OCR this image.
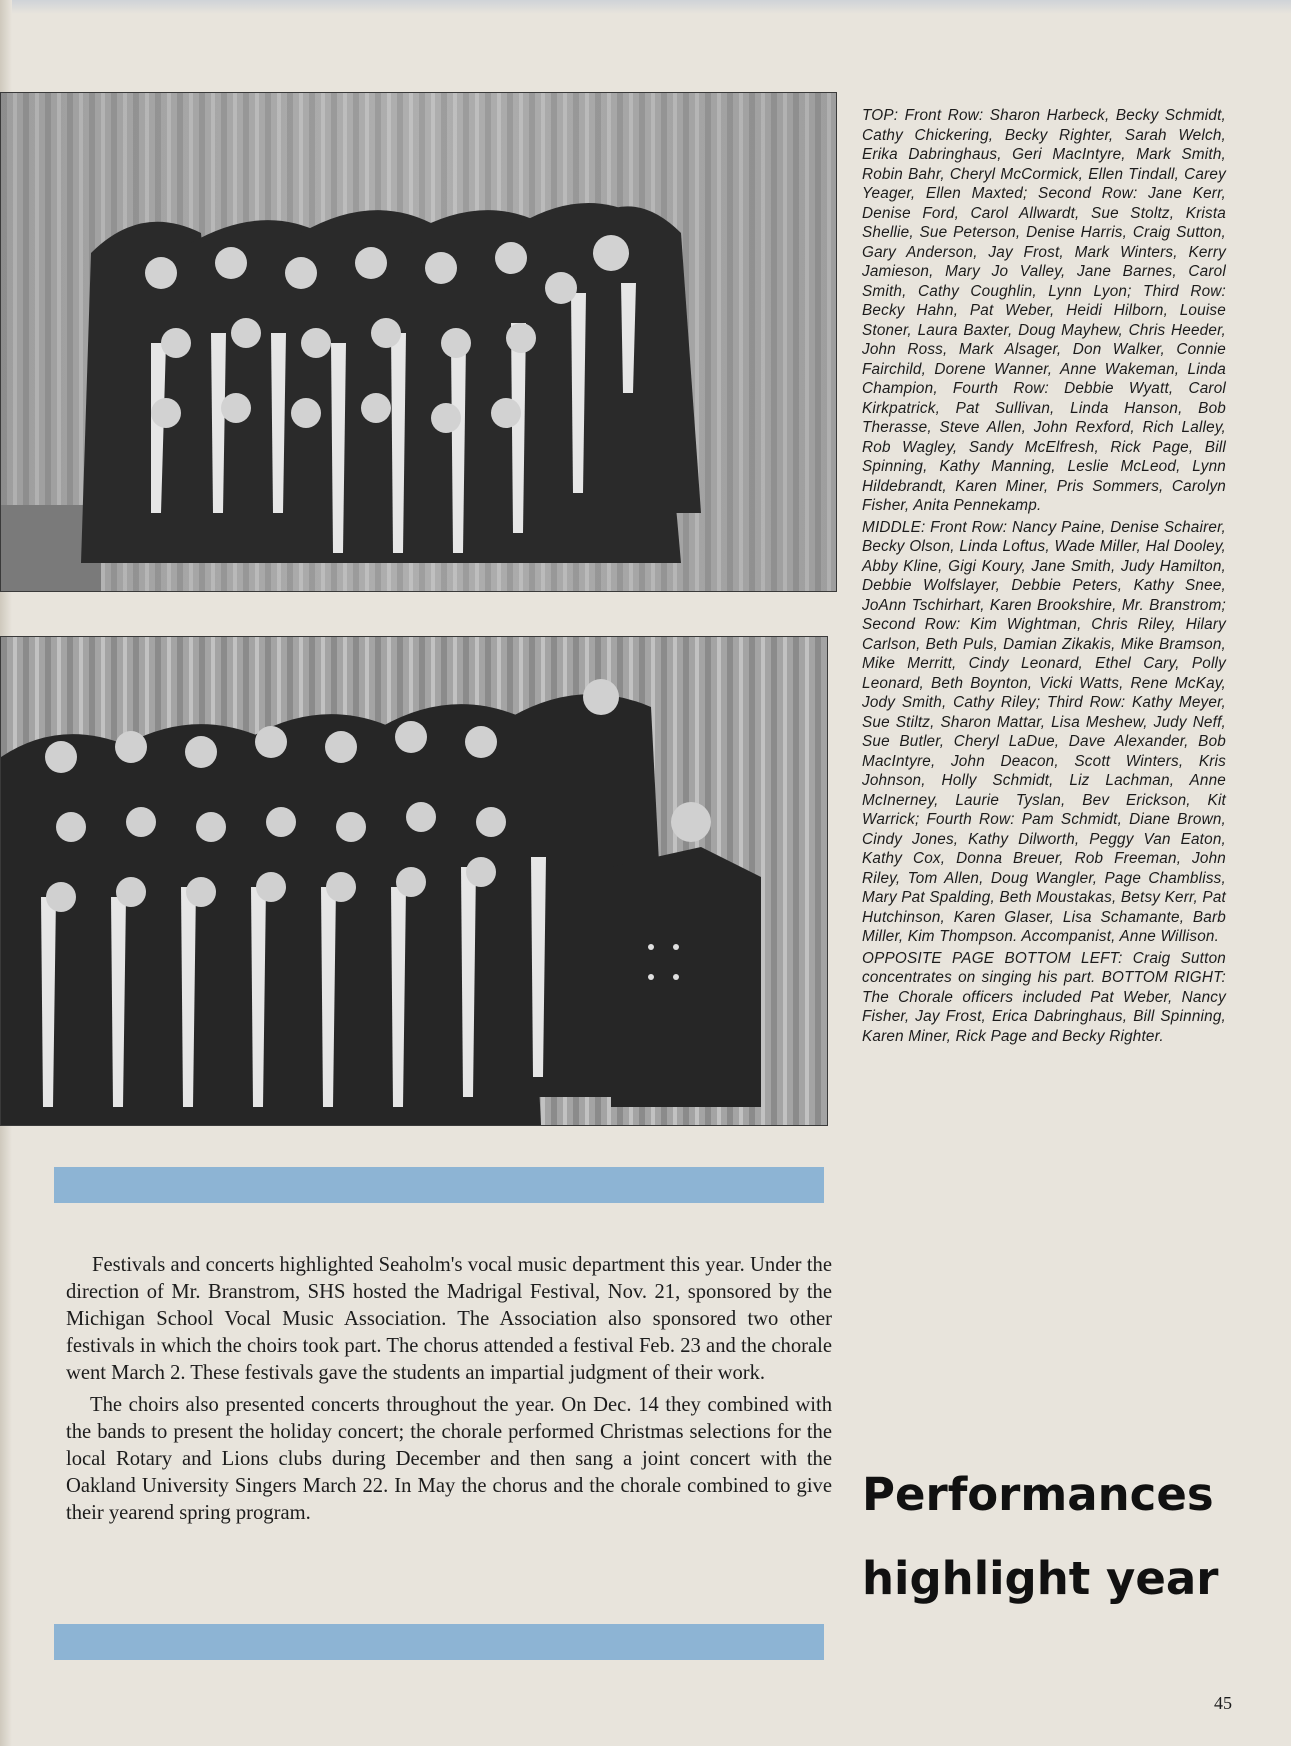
Festivals and concerts highlighted Seaholm's vocal music department this year. Under the direction of Mr. Branstrom, SHS hosted the Madrigal Festival, Nov. 21, sponsored by the Michigan School Vocal Music Association. The Association also sponsored two other festivals in which the choirs took part. The chorus attended a festival Feb. 23 and the chorale went March 2. These festivals gave the students an impartial judgment of their work.

The choirs also presented concerts throughout the year. On Dec. 14 they combined with the bands to present the holiday concert; the chorale performed Christmas selections for the local Rotary and Lions clubs during December and then sang a joint concert with the Oakland University Singers March 22. In May the chorus and the chorale combined to give their yearend spring program.

TOP: Front Row: Sharon Harbeck, Becky Schmidt, Cathy Chickering, Becky Righter, Sarah Welch, Erika Dabringhaus, Geri MacIntyre, Mark Smith, Robin Bahr, Cheryl McCormick, Ellen Tindall, Carey Yeager, Ellen Maxted; Second Row: Jane Kerr, Denise Ford, Carol Allwardt, Sue Stoltz, Krista Shellie, Sue Peterson, Denise Harris, Craig Sutton, Gary Anderson, Jay Frost, Mark Winters, Kerry Jamieson, Mary Jo Valley, Jane Barnes, Carol Smith, Cathy Coughlin, Lynn Lyon; Third Row: Becky Hahn, Pat Weber, Heidi Hilborn, Louise Stoner, Laura Baxter, Doug Mayhew, Chris Heeder, John Ross, Mark Alsager, Don Walker, Connie Fairchild, Dorene Wanner, Anne Wakeman, Linda Champion, Fourth Row: Debbie Wyatt, Carol Kirkpatrick, Pat Sullivan, Linda Hanson, Bob Therasse, Steve Allen, John Rexford, Rich Lalley, Rob Wagley, Sandy McElfresh, Rick Page, Bill Spinning, Kathy Manning, Leslie McLeod, Lynn Hildebrandt, Karen Miner, Pris Sommers, Carolyn Fisher, Anita Pennekamp.

MIDDLE: Front Row: Nancy Paine, Denise Schairer, Becky Olson, Linda Loftus, Wade Miller, Hal Dooley, Abby Kline, Gigi Koury, Jane Smith, Judy Hamilton, Debbie Wolfslayer, Debbie Peters, Kathy Snee, JoAnn Tschirhart, Karen Brookshire, Mr. Branstrom; Second Row: Kim Wightman, Chris Riley, Hilary Carlson, Beth Puls, Damian Zikakis, Mike Bramson, Mike Merritt, Cindy Leonard, Ethel Cary, Polly Leonard, Beth Boynton, Vicki Watts, Rene McKay, Jody Smith, Cathy Riley; Third Row: Kathy Meyer, Sue Stiltz, Sharon Mattar, Lisa Meshew, Judy Neff, Sue Butler, Cheryl LaDue, Dave Alexander, Bob MacIntyre, John Deacon, Scott Winters, Kris Johnson, Holly Schmidt, Liz Lachman, Anne McInerney, Laurie Tyslan, Bev Erickson, Kit Warrick; Fourth Row: Pam Schmidt, Diane Brown, Cindy Jones, Kathy Dilworth, Peggy Van Eaton, Kathy Cox, Donna Breuer, Rob Freeman, John Riley, Tom Allen, Doug Wangler, Page Chambliss, Mary Pat Spalding, Beth Moustakas, Betsy Kerr, Pat Hutchinson, Karen Glaser, Lisa Schamante, Barb Miller, Kim Thompson. Accompanist, Anne Willison.

OPPOSITE PAGE BOTTOM LEFT: Craig Sutton concentrates on singing his part. BOTTOM RIGHT: The Chorale officers included Pat Weber, Nancy Fisher, Jay Frost, Erica Dabringhaus, Bill Spinning, Karen Miner, Rick Page and Becky Righter.

Performances
highlight year
45
